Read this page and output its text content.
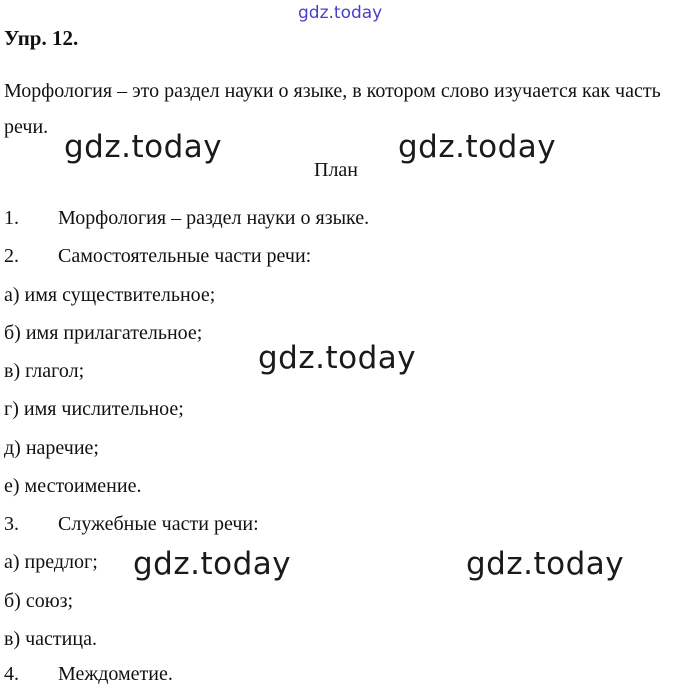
gdz.today
gdz.today	gdz.today
gdz.today
gdz.today	gdz.today
Упр. 12.
Морфология – это раздел науки о языке, в котором слово изучается как часть речи.
План
1. Морфология – раздел науки о языке.
2. Самостоятельные части речи:
а) имя существительное;
б) имя прилагательное;
в) глагол;
г) имя числительное;
д) наречие;
е) местоимение.
3. Служебные части речи:
а) предлог;
б) союз;
в) частица.
4. Междометие.
